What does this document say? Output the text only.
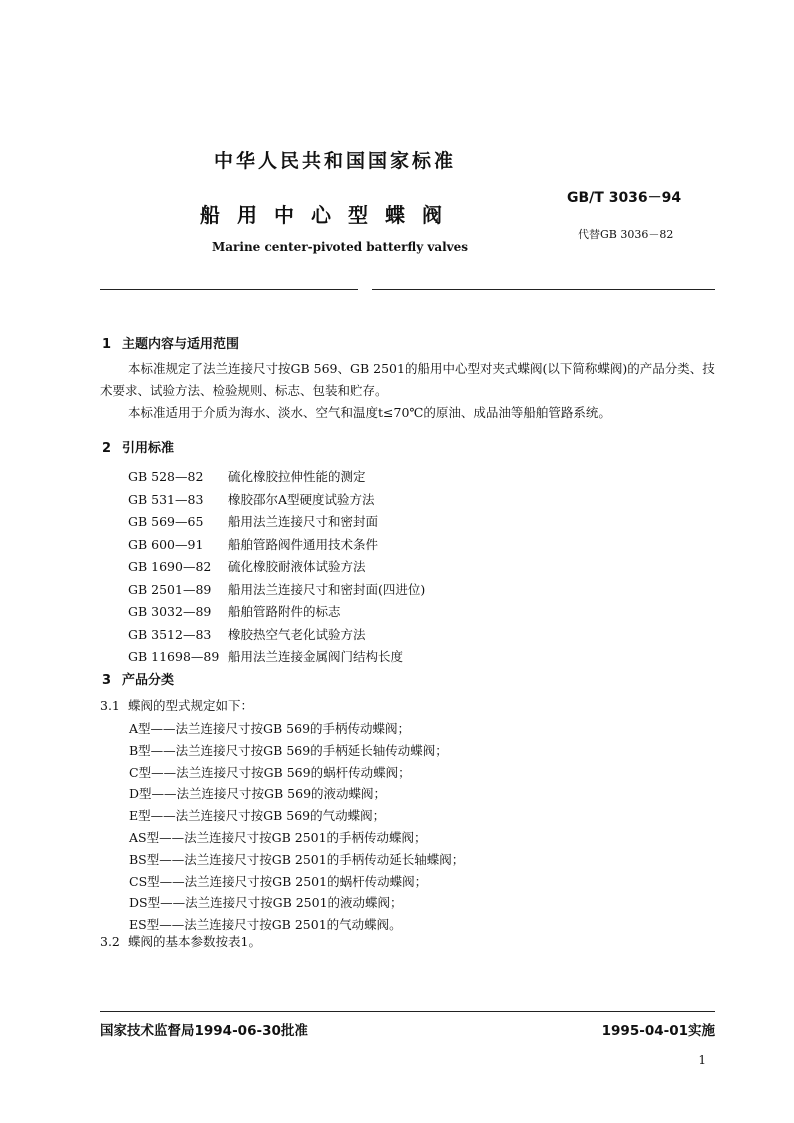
中华人民共和国国家标准
船用中心型蝶阀
Marine center-pivoted batterfly valves
GB/T 3036－94
代替GB 3036－82
1 主题内容与适用范围
本标准规定了法兰连接尺寸按GB 569、GB 2501的船用中心型对夹式蝶阀(以下简称蝶阀)的产品分类、技术要求、试验方法、检验规则、标志、包装和贮存。
本标准适用于介质为海水、淡水、空气和温度t≤70℃的原油、成品油等船舶管路系统。
2 引用标准
GB 528—82 硫化橡胶拉伸性能的测定
GB 531—83 橡胶邵尔A型硬度试验方法
GB 569—65 船用法兰连接尺寸和密封面
GB 600—91 船舶管路阀件通用技术条件
GB 1690—82 硫化橡胶耐液体试验方法
GB 2501—89 船用法兰连接尺寸和密封面(四进位)
GB 3032—89 船舶管路附件的标志
GB 3512—83 橡胶热空气老化试验方法
GB 11698—89 船用法兰连接金属阀门结构长度
3 产品分类
3.1 蝶阀的型式规定如下：
A型——法兰连接尺寸按GB 569的手柄传动蝶阀；
B型——法兰连接尺寸按GB 569的手柄延长轴传动蝶阀；
C型——法兰连接尺寸按GB 569的蜗杆传动蝶阀；
D型——法兰连接尺寸按GB 569的液动蝶阀；
E型——法兰连接尺寸按GB 569的气动蝶阀；
AS型——法兰连接尺寸按GB 2501的手柄传动蝶阀；
BS型——法兰连接尺寸按GB 2501的手柄传动延长轴蝶阀；
CS型——法兰连接尺寸按GB 2501的蜗杆传动蝶阀；
DS型——法兰连接尺寸按GB 2501的液动蝶阀；
ES型——法兰连接尺寸按GB 2501的气动蝶阀。
3.2 蝶阀的基本参数按表1。
国家技术监督局1994-06-30批准	1995-04-01实施
1
